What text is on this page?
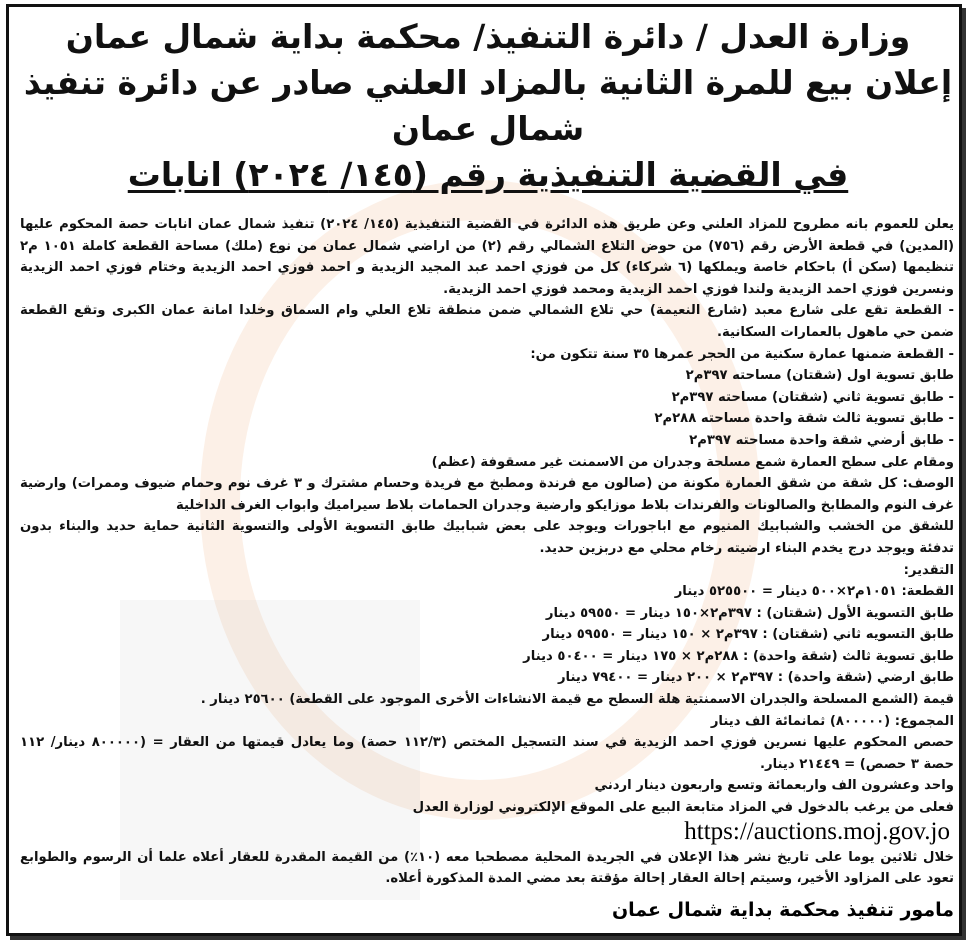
وزارة العدل / دائرة التنفيذ/ محكمة بداية شمال عمان
إعلان بيع للمرة الثانية بالمزاد العلني صادر عن دائرة تنفيذ
شمال عمان
في القضية التنفيذية رقم (١٤٥/ ٢٠٢٤) انابات
يعلن للعموم بانه مطروح للمزاد العلني وعن طريق هذه الدائرة في القضية التنفيذية (١٤٥/ ٢٠٢٤) تنفيذ شمال عمان انابات حصة المحكوم عليها
(المدين) في قطعة الأرض رقم (٧٥٦) من حوض التلاع الشمالي رقم (٢) من اراضي شمال عمان من نوع (ملك) مساحة القطعة كاملة ١٠٥١ م٢
تنظيمها (سكن أ) باحكام خاصة ويملكها (٦ شركاء) كل من فوزي احمد عبد المجيد الزيدية و احمد فوزي احمد الزيدية وختام فوزي احمد الزيدية
ونسرين فوزي احمد الزيدية ولندا فوزي احمد الزيدية ومحمد فوزي احمد الزيدية.
- القطعة تقع على شارع معبد (شارع النعيمة) حي تلاع الشمالي ضمن منطقة تلاع العلي وام السماق وخلدا امانة عمان الكبرى وتقع القطعة
ضمن حي ماهول بالعمارات السكانية.
- القطعة ضمنها عمارة سكنية من الحجر عمرها ٣٥ سنة تتكون من:
طابق تسوية اول (شقتان) مساحته ٣٩٧م٢
- طابق تسوية ثاني (شقتان) مساحته ٣٩٧م٢
- طابق تسوية ثالث شقة واحدة مساحته ٢٨٨م٢
- طابق أرضي شقة واحدة مساحته ٣٩٧م٢
ومقام على سطح العمارة شمع مسلحة وجدران من الاسمنت غير مسقوفة (عظم)
الوصف: كل شقة من شقق العمارة مكونة من (صالون مع فرندة ومطبخ مع فريدة وحسام مشترك و ٣ غرف نوم وحمام ضيوف وممرات) وارضية
غرف النوم والمطابخ والصالونات والفرندات بلاط موزايكو وارضية وجدران الحمامات بلاط سيراميك وابواب الغرف الداخلية
للشقق من الخشب والشبابيك المنيوم مع اباجورات ويوجد على بعض شبابيك طابق التسوية الأولى والتسوية الثانية حماية حديد والبناء بدون
تدفئة ويوجد درج يخدم البناء ارضيته رخام محلي مع دربزين حديد.
التقدير:
القطعة: ١٠٥١م٢×٥٠٠ دينار = ٥٢٥٥٠٠ دينار
طابق التسوية الأول (شقتان) : ٣٩٧م٢×١٥٠ دينار = ٥٩٥٥٠ دينار
طابق التسويه ثاني (شقتان) : ٣٩٧م٢ × ١٥٠ دينار = ٥٩٥٥٠ دينار
طابق تسوية ثالث (شقة واحدة) : ٢٨٨م٢ × ١٧٥ دينار = ٥٠٤٠٠ دينار
طابق ارضي (شقة واحدة) : ٣٩٧م٢ × ٢٠٠ دينار = ٧٩٤٠٠ دينار
قيمة (الشمع المسلحة والجدران الاسمنتية هلة السطح مع قيمة الانشاءات الأخرى الموجود على القطعة) ٢٥٦٠٠ دينار .
المجموع: (٨٠٠٠٠٠) ثمانمائة الف دينار
حصص المحكوم عليها نسرين فوزي احمد الزيدية في سند التسجيل المختص (١١٢/٣ حصة) وما يعادل قيمتها من العقار = (٨٠٠٠٠٠ دينار/ ١١٢
حصة ٣ حصص) = ٢١٤٤٩ دينار.
واحد وعشرون الف واربعمائة وتسع واربعون دينار اردني
فعلى من يرغب بالدخول في المزاد متابعة البيع على الموقع الإلكتروني لوزارة العدل
https://auctions.moj.gov.jo
خلال ثلاثين يوما على تاريخ نشر هذا الإعلان في الجريدة المحلية مصطحبا معه (١٠٪) من القيمة المقدرة للعقار أعلاه علما أن الرسوم والطوابع
تعود على المزاود الأخير، وسيتم إحالة العقار إحالة مؤقتة بعد مضي المدة المذكورة أعلاه.
مامور تنفيذ محكمة بداية شمال عمان
